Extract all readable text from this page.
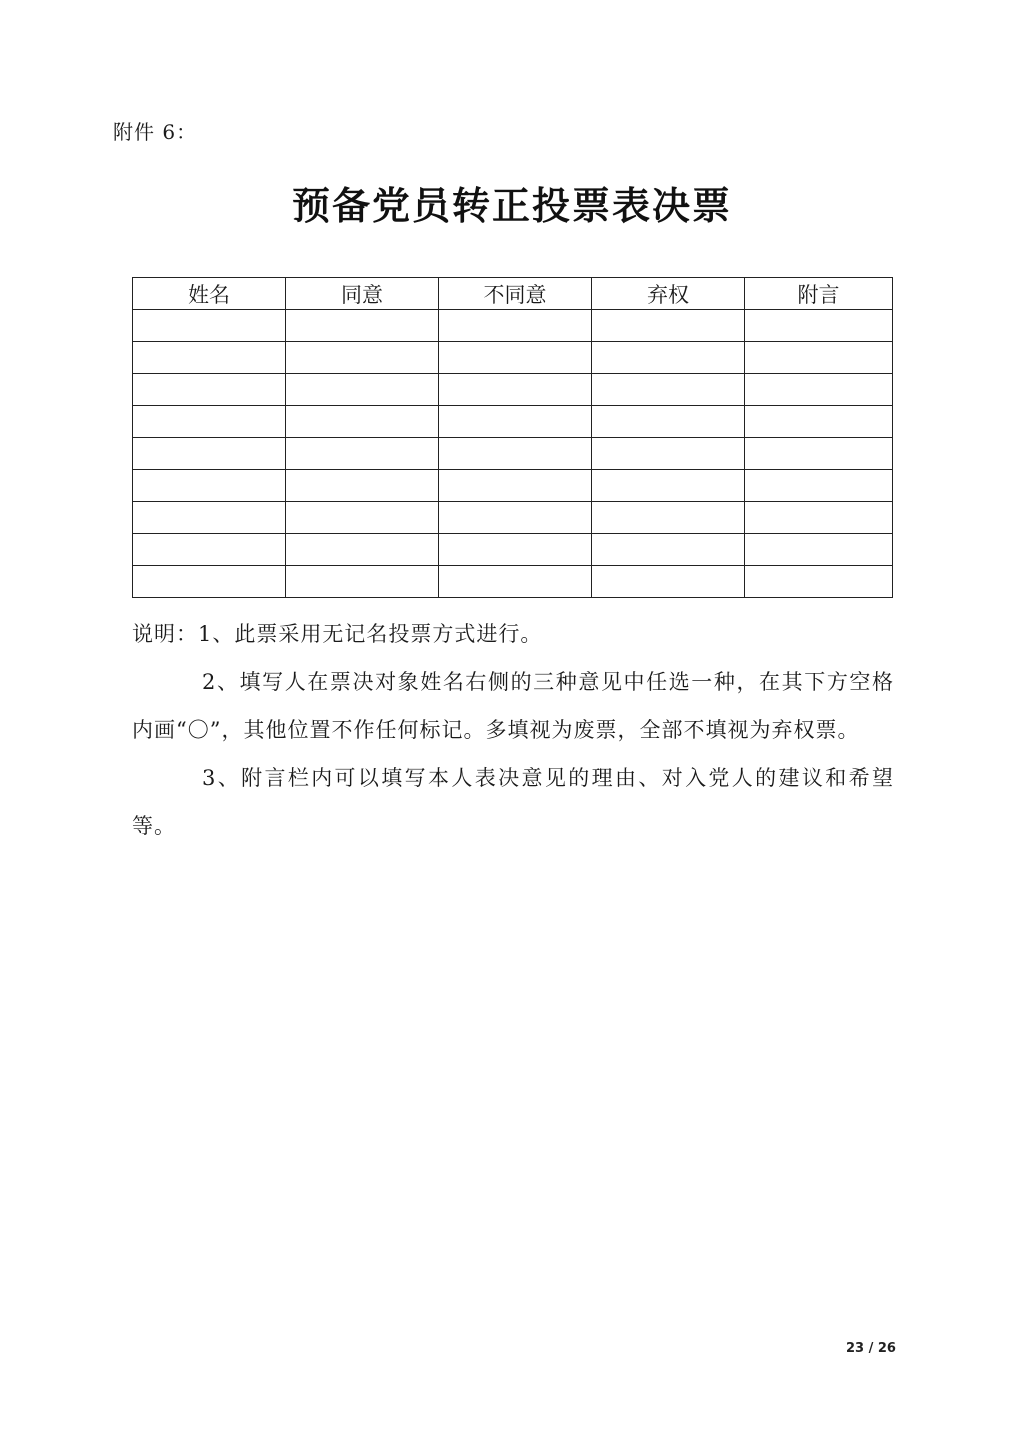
附件 6：
预备党员转正投票表决票
姓名	同意	不同意	弃权	附言

说明：1、此票采用无记名投票方式进行。

2、填写人在票决对象姓名右侧的三种意见中任选一种，在其下方空格内画“〇”，其他位置不作任何标记。多填视为废票，全部不填视为弃权票。

3、附言栏内可以填写本人表决意见的理由、对入党人的建议和希望等。

23 / 26
